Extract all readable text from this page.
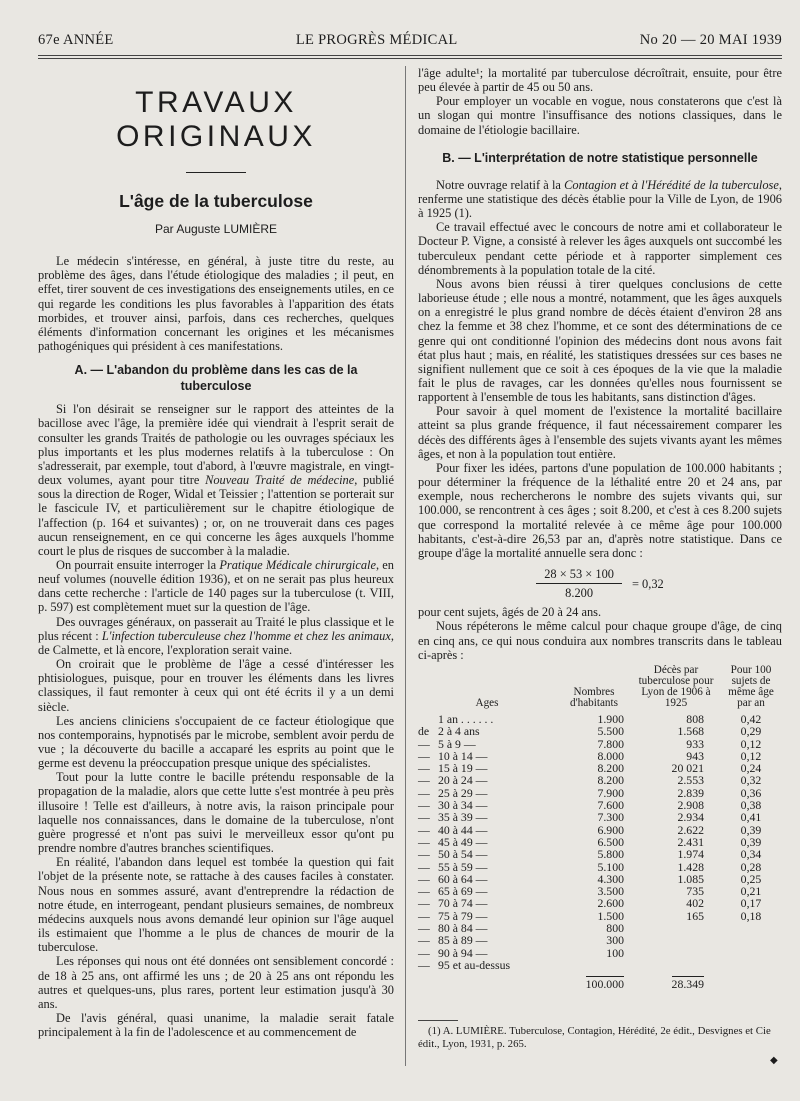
67e ANNÉE	LE PROGRÈS MÉDICAL	No 20 — 20 MAI 1939
TRAVAUX ORIGINAUX
L'âge de la tuberculose
Par Auguste LUMIÈRE

Le médecin s'intéresse, en général, à juste titre du reste, au problème des âges, dans l'étude étiologique des maladies ; il peut, en effet, tirer souvent de ces investigations des enseignements utiles, en ce qui regarde les conditions les plus favorables à l'apparition des états morbides, et trouver ainsi, parfois, dans ces recherches, quelques éléments d'information concernant les origines et les mécanismes pathogéniques qui président à ces manifestations.

A. — L'abandon du problème dans les cas de la tuberculose

Si l'on désirait se renseigner sur le rapport des atteintes de la bacillose avec l'âge, la première idée qui viendrait à l'esprit serait de consulter les grands Traités de pathologie ou les ouvrages spéciaux les plus importants et les plus modernes relatifs à la tuberculose : On s'adresserait, par exemple, tout d'abord, à l'œuvre magistrale, en vingt-deux volumes, ayant pour titre Nouveau Traité de médecine, publié sous la direction de Roger, Widal et Teissier ; l'attention se porterait sur le fascicule IV, et particulièrement sur le chapitre étiologique de l'affection (p. 164 et suivantes) ; or, on ne trouverait dans ces pages aucun renseignement, en ce qui concerne les âges auxquels l'homme court le plus de risques de succomber à la maladie.

On pourrait ensuite interroger la Pratique Médicale chirurgicale, en neuf volumes (nouvelle édition 1936), et on ne serait pas plus heureux dans cette recherche : l'article de 140 pages sur la tuberculose (t. VIII, p. 597) est complètement muet sur la question de l'âge.

Des ouvrages généraux, on passerait au Traité le plus classique et le plus récent : L'infection tuberculeuse chez l'homme et chez les animaux, de Calmette, et là encore, l'exploration serait vaine.

On croirait que le problème de l'âge a cessé d'intéresser les phtisiologues, puisque, pour en trouver les éléments dans les livres classiques, il faut remonter à ceux qui ont été écrits il y a un demi siècle.

Les anciens cliniciens s'occupaient de ce facteur étiologique que nos contemporains, hypnotisés par le microbe, semblent avoir perdu de vue ; la découverte du bacille a accaparé les esprits au point que le germe est devenu la préoccupation presque unique des spécialistes.

Tout pour la lutte contre le bacille prétendu responsable de la propagation de la maladie, alors que cette lutte s'est montrée à peu près illusoire ! Telle est d'ailleurs, à notre avis, la raison principale pour laquelle nos connaissances, dans le domaine de la tuberculose, n'ont guère progressé et n'ont pas suivi le merveilleux essor qu'ont pu prendre nombre d'autres branches scientifiques.

En réalité, l'abandon dans lequel est tombée la question qui fait l'objet de la présente note, se rattache à des causes faciles à constater. Nous nous en sommes assuré, avant d'entreprendre la rédaction de notre étude, en interrogeant, pendant plusieurs semaines, de nombreux médecins auxquels nous avons demandé leur opinion sur l'âge auquel ils estimaient que l'homme a le plus de chances de mourir de la tuberculose.

Les réponses qui nous ont été données ont sensiblement concordé : de 18 à 25 ans, ont affirmé les uns ; de 20 à 25 ans ont répondu les autres et quelques-uns, plus rares, portent leur estimation jusqu'à 30 ans.

De l'avis général, quasi unanime, la maladie serait fatale principalement à la fin de l'adolescence et au commencement de

l'âge adulte¹; la mortalité par tuberculose décroîtrait, ensuite, pour être peu élevée à partir de 45 ou 50 ans.

Pour employer un vocable en vogue, nous constaterons que c'est là un slogan qui montre l'insuffisance des notions classiques, dans le domaine de l'étiologie bacillaire.

B. — L'interprétation de notre statistique personnelle

Notre ouvrage relatif à la Contagion et à l'Hérédité de la tuberculose, renferme une statistique des décès établie pour la Ville de Lyon, de 1906 à 1925 (1).

Ce travail effectué avec le concours de notre ami et collaborateur le Docteur P. Vigne, a consisté à relever les âges auxquels ont succombé les tuberculeux pendant cette période et à rapporter simplement ces dénombrements à la population totale de la cité.

Nous avons bien réussi à tirer quelques conclusions de cette laborieuse étude ; elle nous a montré, notamment, que les âges auxquels on a enregistré le plus grand nombre de décès étaient d'environ 28 ans chez la femme et 38 chez l'homme, et ce sont des déterminations de ce genre qui ont conditionné l'opinion des médecins dont nous avons fait état plus haut ; mais, en réalité, les statistiques dressées sur ces bases ne signifient nullement que ce soit à ces époques de la vie que la maladie fait le plus de ravages, car les données qu'elles nous fournissent se rapportent à l'ensemble de tous les habitants, sans distinction d'âges.

Pour savoir à quel moment de l'existence la mortalité bacillaire atteint sa plus grande fréquence, il faut nécessairement comparer les décès des différents âges à l'ensemble des sujets vivants ayant les mêmes âges, et non à la population tout entière.

Pour fixer les idées, partons d'une population de 100.000 habitants ; pour déterminer la fréquence de la léthalité entre 20 et 24 ans, par exemple, nous rechercherons le nombre des sujets vivants qui, sur 100.000, se rencontrent à ces âges ; soit 8.200, et c'est à ces 8.200 sujets que correspond la mortalité relevée à ce même âge pour 100.000 habitants, c'est-à-dire 26,53 par an, d'après notre statistique. Dans ce groupe d'âge la mortalité annuelle sera donc :

$\frac{28 \times 53 \times 100}{8.200} = 0,32$

pour cent sujets, âgés de 20 à 24 ans.

Nous répéterons le même calcul pour chaque groupe d'âge, de cinq en cinq ans, ce qui nous conduira aux nombres transcrits dans le tableau ci-après :

Ages		Nombres d'habitants	Décès par tuberculose pour Lyon de 1906 à 1925	Pour 100 sujets de même âge par an
	1 an . . . . . .	1.900	808	0,42
de	2 à 4 ans	5.500	1.568	0,29
—	5 à 9 —	7.800	933	0,12
—	10 à 14 —	8.000	943	0,12
—	15 à 19 —	8.200	20 021	0,24
—	20 à 24 —	8.200	2.553	0,32
—	25 à 29 —	7.900	2.839	0,36
—	30 à 34 —	7.600	2.908	0,38
—	35 à 39 —	7.300	2.934	0,41
—	40 à 44 —	6.900	2.622	0,39
—	45 à 49 —	6.500	2.431	0,39
—	50 à 54 —	5.800	1.974	0,34
—	55 à 59 —	5.100	1.428	0,28
—	60 à 64 —	4.300	1.085	0,25
—	65 à 69 —	3.500	735	0,21
—	70 à 74 —	2.600	402	0,17
—	75 à 79 —	1.500	165	0,18
—	80 à 84 —	800		
—	85 à 89 —	300		
—	90 à 94 —	100		
—	95 et au-dessus			
		100.000	28.349	

(1) A. LUMIÈRE. Tuberculose, Contagion, Hérédité, 2e édit., Desvignes et Cie édit., Lyon, 1931, p. 265.

◆
